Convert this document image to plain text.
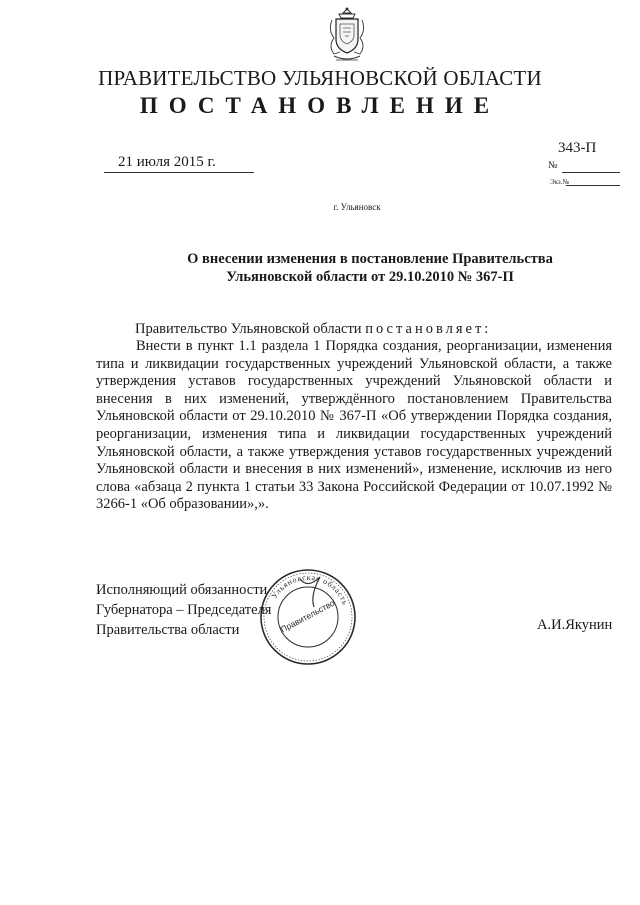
ПРАВИТЕЛЬСТВО УЛЬЯНОВСКОЙ ОБЛАСТИ
ПОСТАНОВЛЕНИЕ
21 июля 2015 г.
343-П
№
Экз.№
г. Ульяновск
О внесении изменения в постановление Правительства Ульяновской области от 29.10.2010 № 367-П
Правительство Ульяновской области постановляет:
Внести в пункт 1.1 раздела 1 Порядка создания, реорганизации, изменения типа и ликвидации государственных учреждений Ульяновской области, а также утверждения уставов государственных учреждений Ульяновской области и внесения в них изменений, утверждённого постановлением Правительства Ульяновской области от 29.10.2010 № 367-П «Об утверждении Порядка создания, реорганизации, изменения типа и ликвидации государственных учреждений Ульяновской области, а также утверждения уставов государственных учреждений Ульяновской области и внесения в них изменений», изменение, исключив из него слова «абзаца 2 пункта 1 статьи 33 Закона Российской Федерации от 10.07.1992 № 3266-1 «Об образовании»,».
Исполняющий обязанности
Губернатора – Председателя
Правительства области	А.И.Якунин
Ульяновская область
Правительство
